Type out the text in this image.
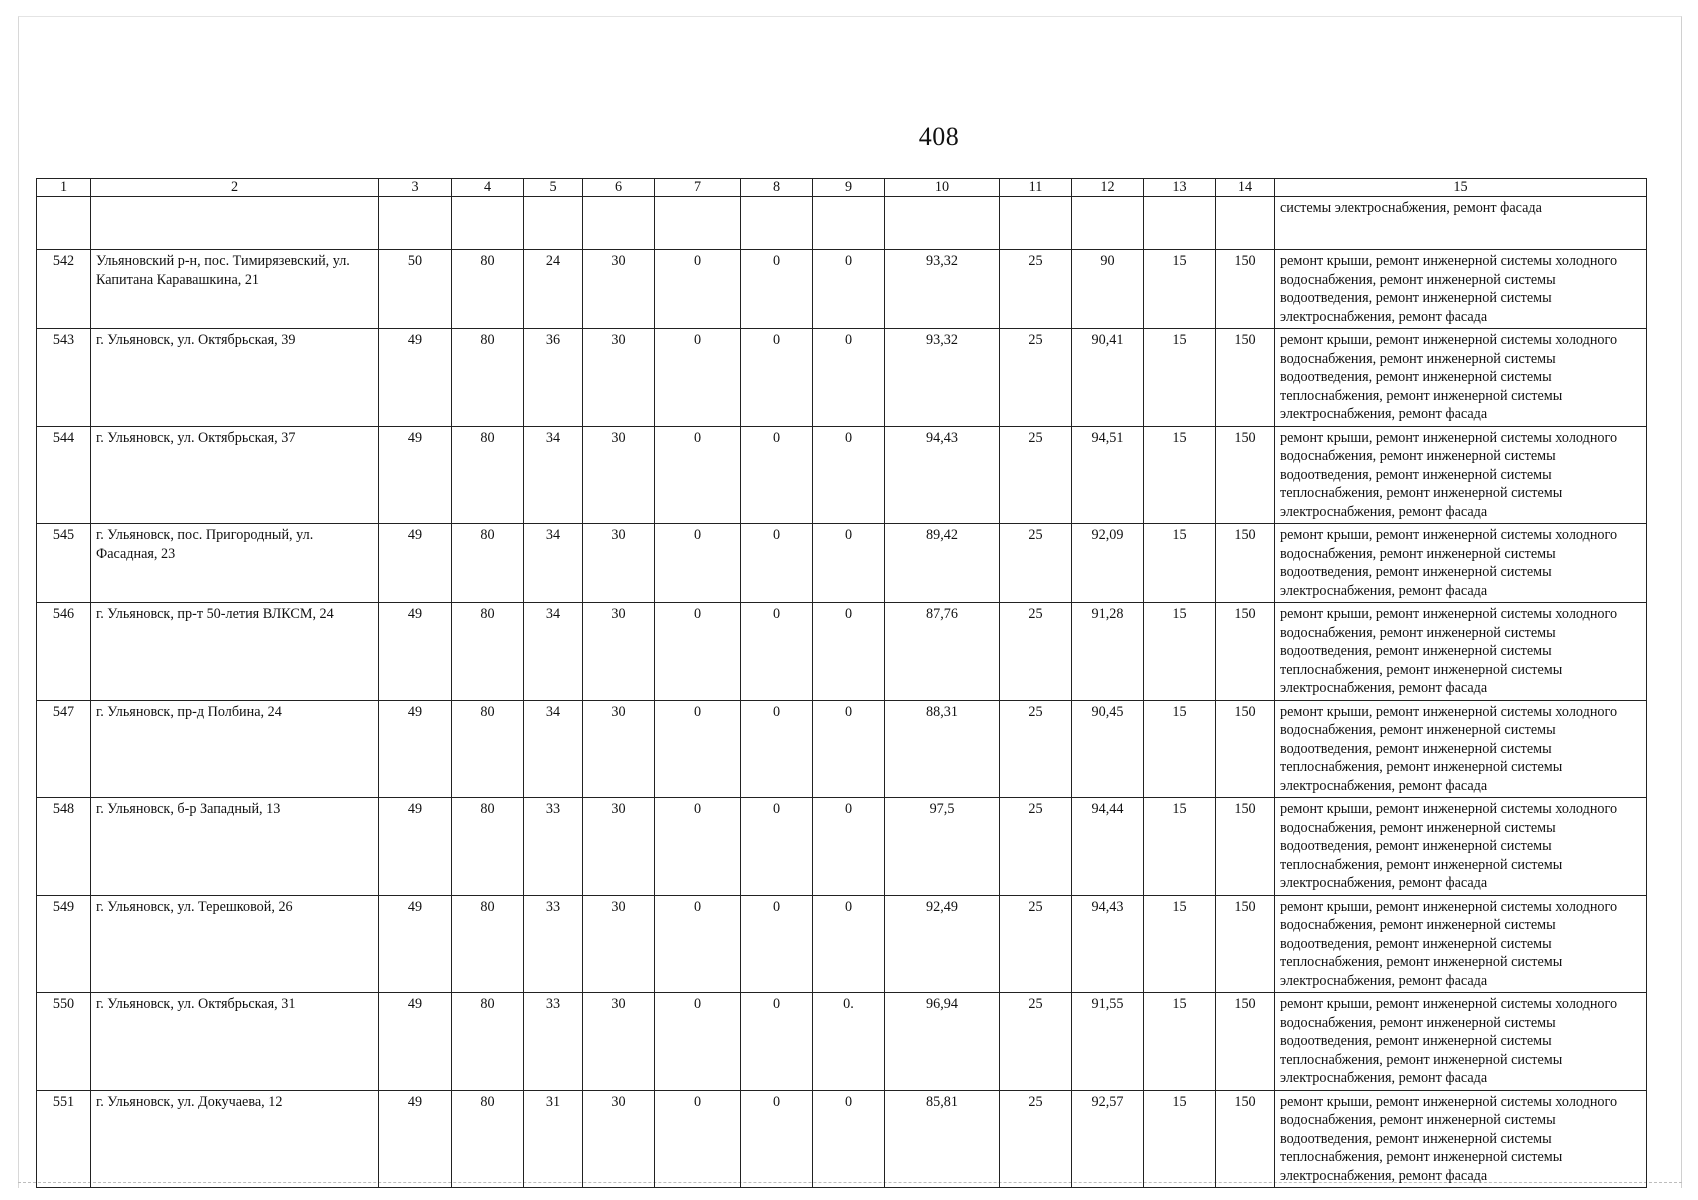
408
1	2	3	4	5	6	7	8	9	10	11	12	13	14	15
														системы электроснабжения, ремонт фасада
542	Ульяновский р-н, пос. Тимирязевский, ул. Капитана Каравашкина, 21	50	80	24	30	0	0	0	93,32	25	90	15	150	ремонт крыши, ремонт инженерной системы холодного водоснабжения, ремонт инженерной системы водоотведения, ремонт инженерной системы электроснабжения, ремонт фасада
543	г. Ульяновск, ул. Октябрьская, 39	49	80	36	30	0	0	0	93,32	25	90,41	15	150	ремонт крыши, ремонт инженерной системы холодного водоснабжения, ремонт инженерной системы водоотведения, ремонт инженерной системы теплоснабжения, ремонт инженерной системы электроснабжения, ремонт фасада
544	г. Ульяновск, ул. Октябрьская, 37	49	80	34	30	0	0	0	94,43	25	94,51	15	150	ремонт крыши, ремонт инженерной системы холодного водоснабжения, ремонт инженерной системы водоотведения, ремонт инженерной системы теплоснабжения, ремонт инженерной системы электроснабжения, ремонт фасада
545	г. Ульяновск, пос. Пригородный, ул. Фасадная, 23	49	80	34	30	0	0	0	89,42	25	92,09	15	150	ремонт крыши, ремонт инженерной системы холодного водоснабжения, ремонт инженерной системы водоотведения, ремонт инженерной системы электроснабжения, ремонт фасада
546	г. Ульяновск, пр-т 50-летия ВЛКСМ, 24	49	80	34	30	0	0	0	87,76	25	91,28	15	150	ремонт крыши, ремонт инженерной системы холодного водоснабжения, ремонт инженерной системы водоотведения, ремонт инженерной системы теплоснабжения, ремонт инженерной системы электроснабжения, ремонт фасада
547	г. Ульяновск, пр-д Полбина, 24	49	80	34	30	0	0	0	88,31	25	90,45	15	150	ремонт крыши, ремонт инженерной системы холодного водоснабжения, ремонт инженерной системы водоотведения, ремонт инженерной системы теплоснабжения, ремонт инженерной системы электроснабжения, ремонт фасада
548	г. Ульяновск, б-р Западный, 13	49	80	33	30	0	0	0	97,5	25	94,44	15	150	ремонт крыши, ремонт инженерной системы холодного водоснабжения, ремонт инженерной системы водоотведения, ремонт инженерной системы теплоснабжения, ремонт инженерной системы электроснабжения, ремонт фасада
549	г. Ульяновск, ул. Терешковой, 26	49	80	33	30	0	0	0	92,49	25	94,43	15	150	ремонт крыши, ремонт инженерной системы холодного водоснабжения, ремонт инженерной системы водоотведения, ремонт инженерной системы теплоснабжения, ремонт инженерной системы электроснабжения, ремонт фасада
550	г. Ульяновск, ул. Октябрьская, 31	49	80	33	30	0	0	0.	96,94	25	91,55	15	150	ремонт крыши, ремонт инженерной системы холодного водоснабжения, ремонт инженерной системы водоотведения, ремонт инженерной системы теплоснабжения, ремонт инженерной системы электроснабжения, ремонт фасада
551	г. Ульяновск, ул. Докучаева, 12	49	80	31	30	0	0	0	85,81	25	92,57	15	150	ремонт крыши, ремонт инженерной системы холодного водоснабжения, ремонт инженерной системы водоотведения, ремонт инженерной системы теплоснабжения, ремонт инженерной системы электроснабжения, ремонт фасада
